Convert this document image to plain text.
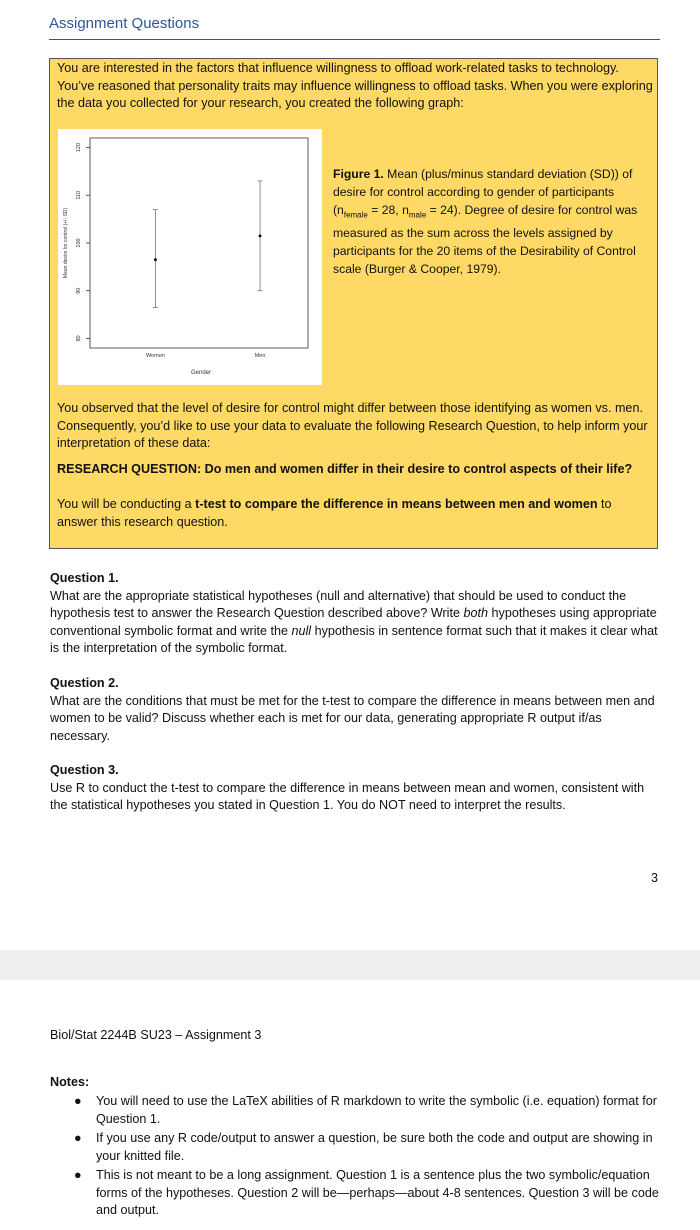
Assignment Questions
You are interested in the factors that influence willingness to offload work-related tasks to technology. You’ve reasoned that personality traits may influence willingness to offload tasks. When you were exploring the data you collected for your research, you created the following graph:
80
90
100
110
120
Women	Men
Gender
Mean desire for control (+/- SD)
Figure 1. Mean (plus/minus standard deviation (SD)) of desire for control according to gender of participants ($n_{female} = 28$, $n_{male} = 24$). Degree of desire for control was measured as the sum across the levels assigned by participants for the 20 items of the Desirability of Control scale (Burger & Cooper, 1979).
You observed that the level of desire for control might differ between those identifying as women vs. men. Consequently, you’d like to use your data to evaluate the following Research Question, to help inform your interpretation of these data:
RESEARCH QUESTION: Do men and women differ in their desire to control aspects of their life?
You will be conducting a t-test to compare the difference in means between men and women to answer this research question.
Question 1.
What are the appropriate statistical hypotheses (null and alternative) that should be used to conduct the hypothesis test to answer the Research Question described above? Write both hypotheses using appropriate conventional symbolic format and write the null hypothesis in sentence format such that it makes it clear what is the interpretation of the symbolic format.
Question 2.
What are the conditions that must be met for the t-test to compare the difference in means between men and women to be valid? Discuss whether each is met for our data, generating appropriate R output if/as necessary.
Question 3.
Use R to conduct the t-test to compare the difference in means between mean and women, consistent with the statistical hypotheses you stated in Question 1. You do NOT need to interpret the results.
3
Biol/Stat 2244B SU23 – Assignment 3
Notes:
● You will need to use the LaTeX abilities of R markdown to write the symbolic (i.e. equation) format for Question 1.
● If you use any R code/output to answer a question, be sure both the code and output are showing in your knitted file.
● This is not meant to be a long assignment. Question 1 is a sentence plus the two symbolic/equation forms of the hypotheses. Question 2 will be—perhaps—about 4-8 sentences. Question 3 will be code and output.
